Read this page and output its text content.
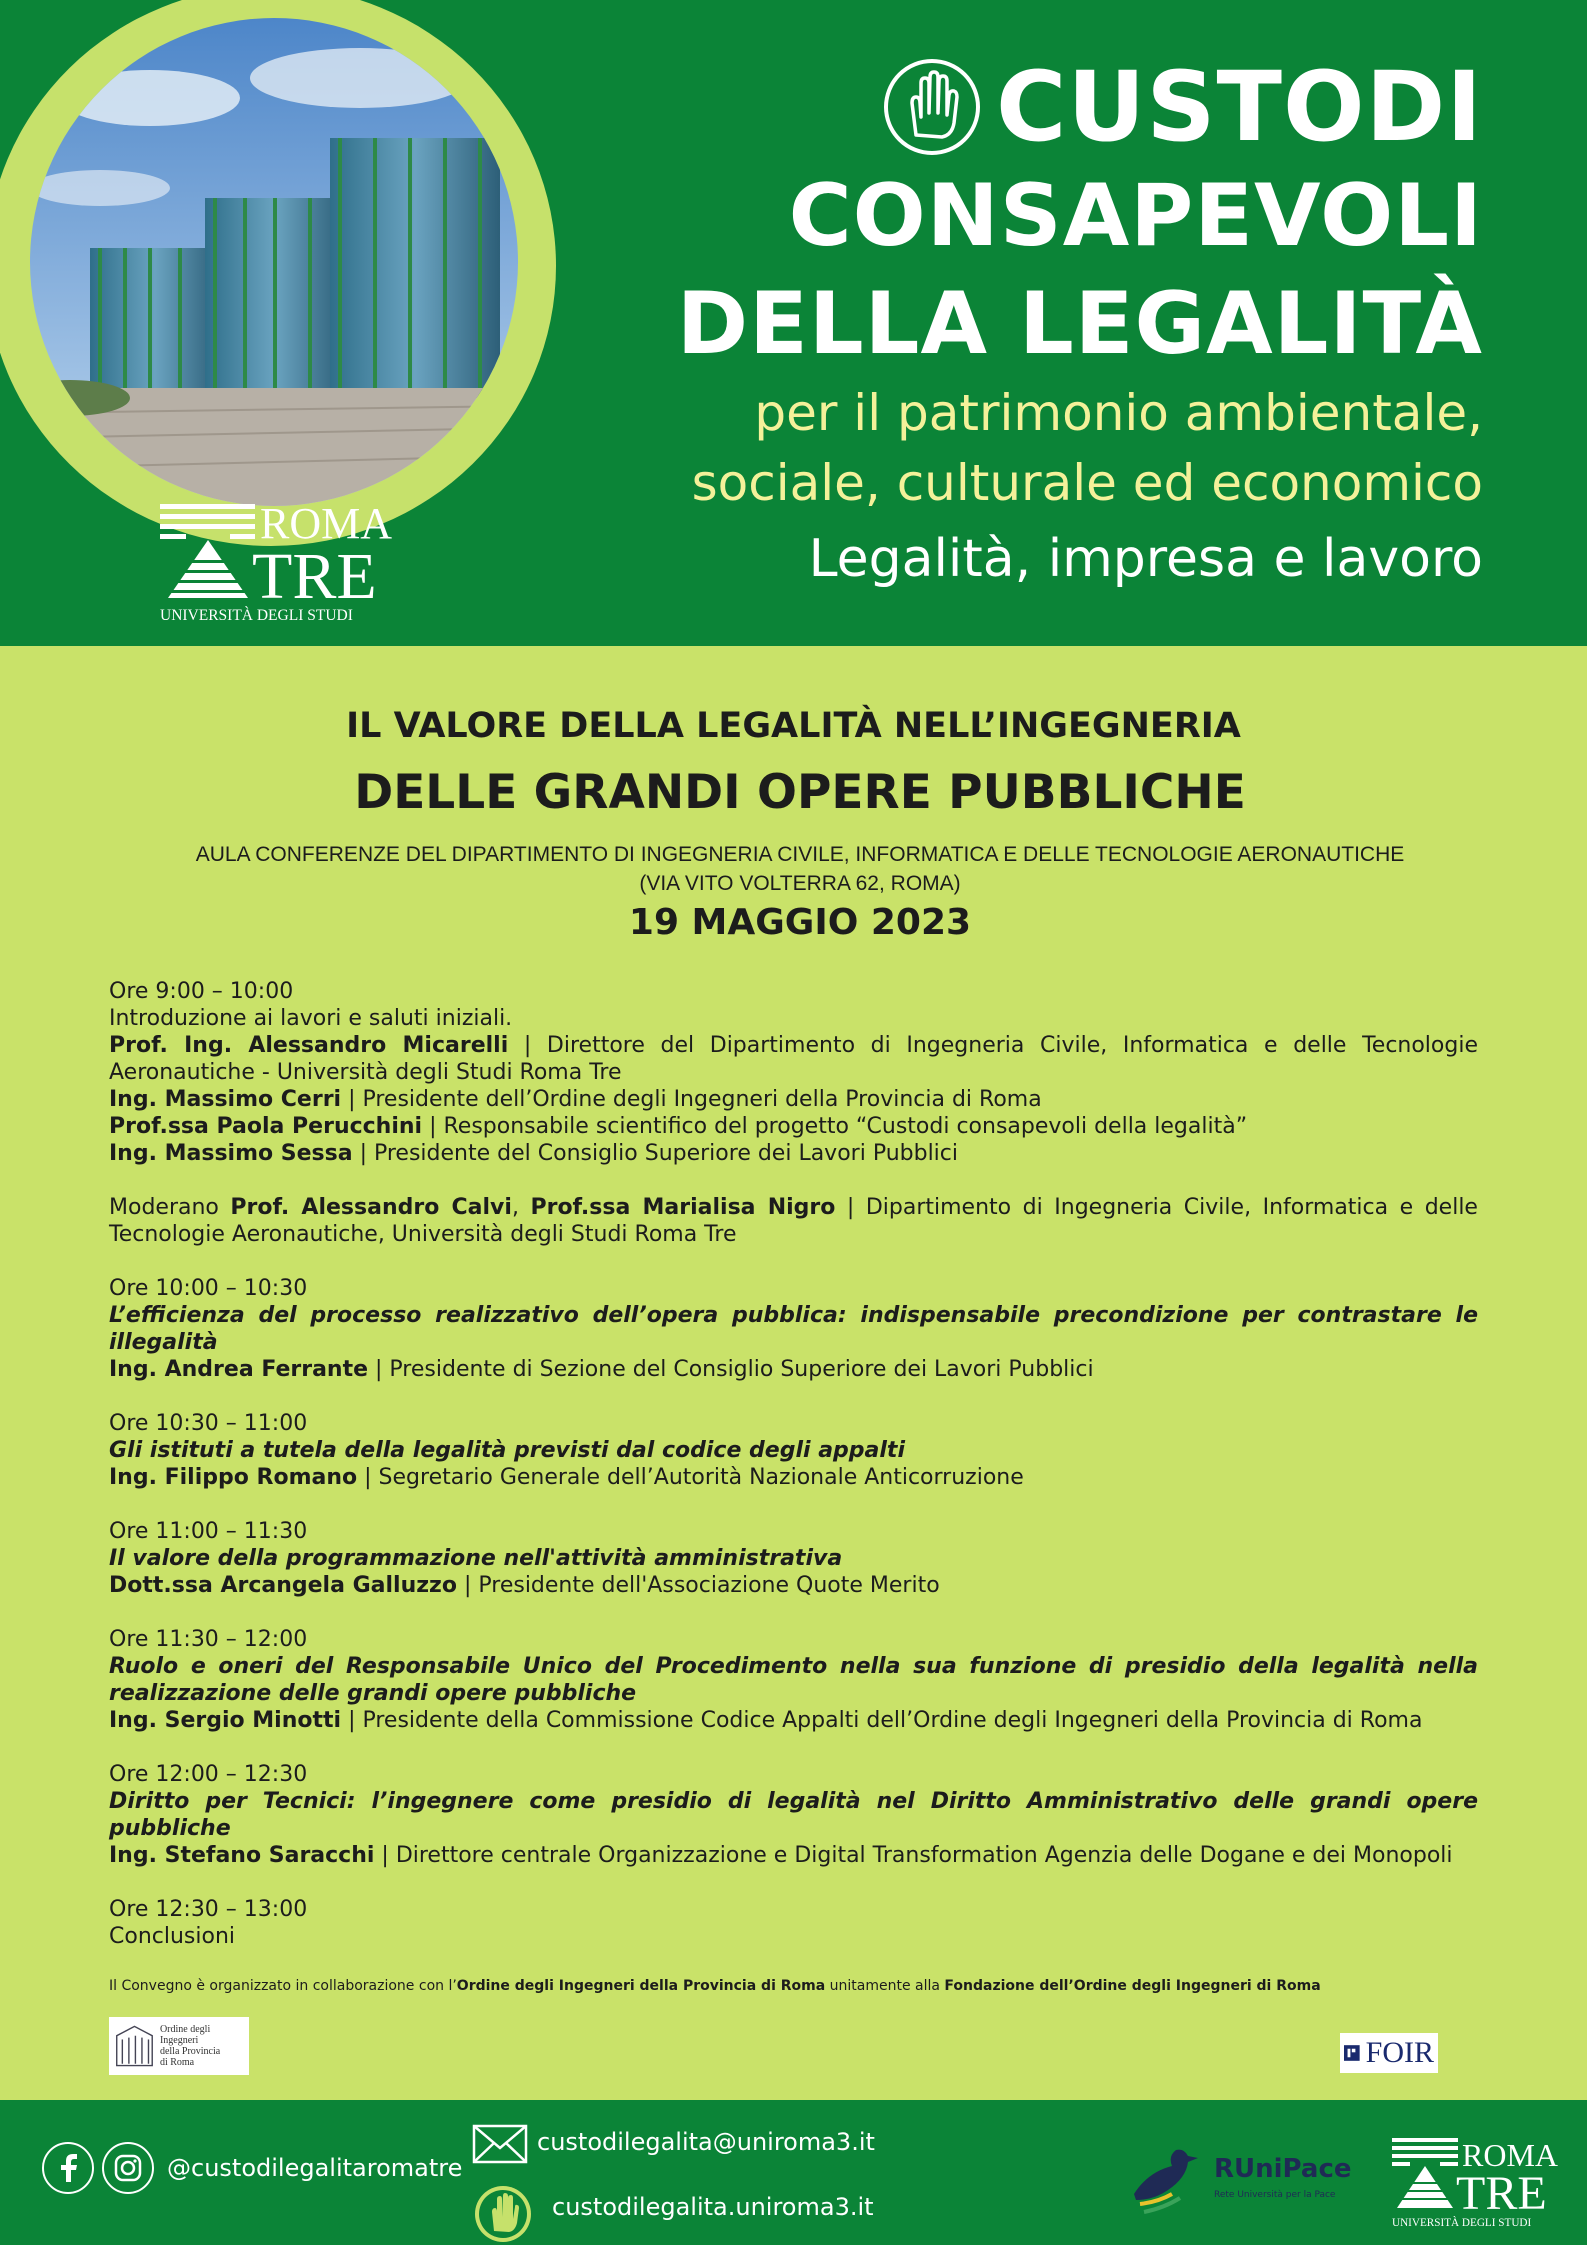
ROMA
TRE
UNIVERSITÀ DEGLI STUDI
CUSTODI
CONSAPEVOLI
DELLA LEGALITÀ
per il patrimonio ambientale,
sociale, culturale ed economico
Legalità, impresa e lavoro
IL VALORE DELLA LEGALITÀ NELL’INGEGNERIA
DELLE GRANDI OPERE PUBBLICHE
AULA CONFERENZE DEL DIPARTIMENTO DI INGEGNERIA CIVILE, INFORMATICA E DELLE TECNOLOGIE AERONAUTICHE
(VIA VITO VOLTERRA 62, ROMA)
19 MAGGIO 2023

Ore 9:00 – 10:00

Introduzione ai lavori e saluti iniziali.

Prof. Ing. Alessandro Micarelli | Direttore del Dipartimento di Ingegneria Civile, Informatica e delle Tecnologie Aeronautiche - Università degli Studi Roma Tre

Ing. Massimo Cerri | Presidente dell’Ordine degli Ingegneri della Provincia di Roma

Prof.ssa Paola Perucchini | Responsabile scientifico del progetto “Custodi consapevoli della legalità”

Ing. Massimo Sessa | Presidente del Consiglio Superiore dei Lavori Pubblici

Moderano Prof. Alessandro Calvi, Prof.ssa Marialisa Nigro | Dipartimento di Ingegneria Civile, Informatica e delle Tecnologie Aeronautiche, Università degli Studi Roma Tre

Ore 10:00 – 10:30

L’efficienza del processo realizzativo dell’opera pubblica: indispensabile precondizione per contrastare le illegalità

Ing. Andrea Ferrante | Presidente di Sezione del Consiglio Superiore dei Lavori Pubblici

Ore 10:30 – 11:00

Gli istituti a tutela della legalità previsti dal codice degli appalti

Ing. Filippo Romano | Segretario Generale dell’Autorità Nazionale Anticorruzione

Ore 11:00 – 11:30

Il valore della programmazione nell'attività amministrativa

Dott.ssa Arcangela Galluzzo | Presidente dell'Associazione Quote Merito

Ore 11:30 – 12:00

Ruolo e oneri del Responsabile Unico del Procedimento nella sua funzione di presidio della legalità nella realizzazione delle grandi opere pubbliche

Ing. Sergio Minotti | Presidente della Commissione Codice Appalti dell’Ordine degli Ingegneri della Provincia di Roma

Ore 12:00 – 12:30

Diritto per Tecnici: l’ingegnere come presidio di legalità nel Diritto Amministrativo delle grandi opere pubbliche

Ing. Stefano Saracchi | Direttore centrale Organizzazione e Digital Transformation Agenzia delle Dogane e dei Monopoli

Ore 12:30 – 13:00

Conclusioni

Il Convegno è organizzato in collaborazione con l’Ordine degli Ingegneri della Provincia di Roma unitamente alla Fondazione dell’Ordine degli Ingegneri di Roma
Ordine degli Ingegneri
della Provincia
di Roma	FOIR
@custodilegalitaromatre
custodilegalita@uniroma3.it
custodilegalita.uniroma3.it
RUniPace
Rete Università per la Pace
ROMA
TRE
UNIVERSITÀ DEGLI STUDI
